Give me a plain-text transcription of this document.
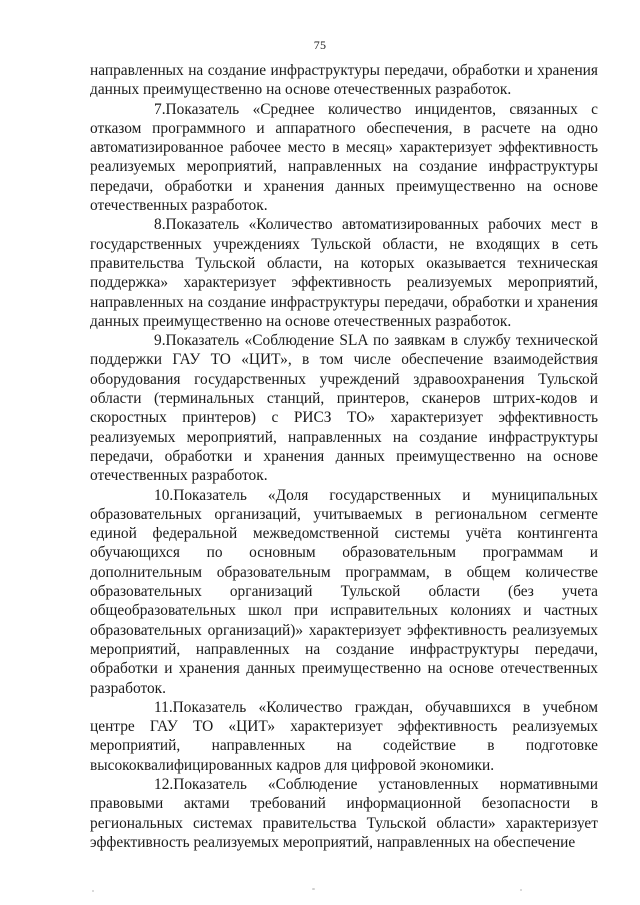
75

направленных на создание инфраструктуры передачи, обработки и хранения данных преимущественно на основе отечественных разработок.

7.Показатель «Среднее количество инцидентов, связанных с отказом программного и аппаратного обеспечения, в расчете на одно автоматизированное рабочее место в месяц» характеризует эффективность реализуемых мероприятий, направленных на создание инфраструктуры передачи, обработки и хранения данных преимущественно на основе отечественных разработок.

8.Показатель «Количество автоматизированных рабочих мест в государственных учреждениях Тульской области, не входящих в сеть правительства Тульской области, на которых оказывается техническая поддержка» характеризует эффективность реализуемых мероприятий, направленных на создание инфраструктуры передачи, обработки и хранения данных преимущественно на основе отечественных разработок.

9.Показатель «Соблюдение SLA по заявкам в службу технической поддержки ГАУ ТО «ЦИТ», в том числе обеспечение взаимодействия оборудования государственных учреждений здравоохранения Тульской области (терминальных станций, принтеров, сканеров штрих-кодов и скоростных принтеров) с РИСЗ ТО» характеризует эффективность реализуемых мероприятий, направленных на создание инфраструктуры передачи, обработки и хранения данных преимущественно на основе отечественных разработок.

10.Показатель «Доля государственных и муниципальных образовательных организаций, учитываемых в региональном сегменте единой федеральной межведомственной системы учёта контингента обучающихся по основным образовательным программам и дополнительным образовательным программам, в общем количестве образовательных организаций Тульской области (без учета общеобразовательных школ при исправительных колониях и частных образовательных организаций)» характеризует эффективность реализуемых мероприятий, направленных на создание инфраструктуры передачи, обработки и хранения данных преимущественно на основе отечественных разработок.

11.Показатель «Количество граждан, обучавшихся в учебном центре ГАУ ТО «ЦИТ» характеризует эффективность реализуемых мероприятий, направленных на содействие в подготовке высококвалифицированных кадров для цифровой экономики.

12.Показатель «Соблюдение установленных нормативными правовыми актами требований информационной безопасности в региональных системах правительства Тульской области» характеризует эффективность реализуемых мероприятий, направленных на обеспечение
